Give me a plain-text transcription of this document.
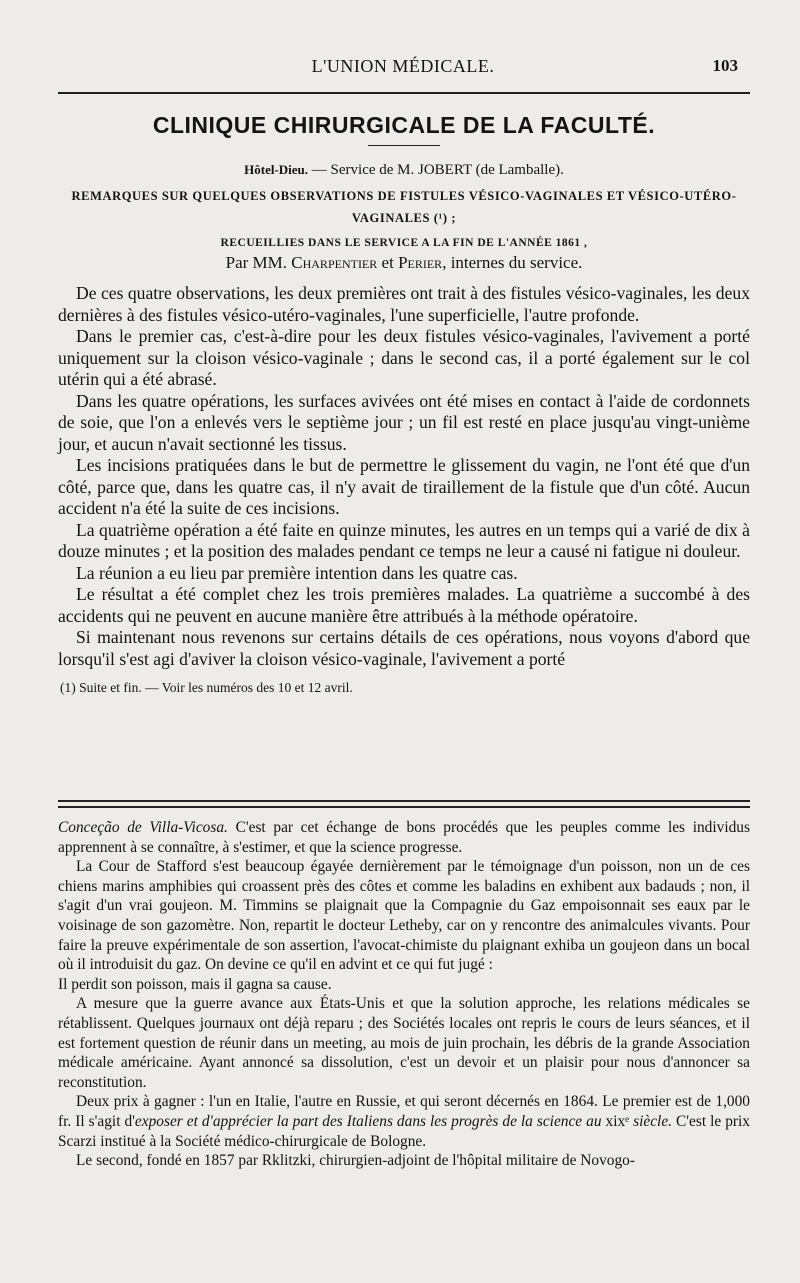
L'UNION MÉDICALE.	103
CLINIQUE CHIRURGICALE DE LA FACULTÉ.
Hôtel-Dieu. — Service de M. JOBERT (de Lamballe).
REMARQUES SUR QUELQUES OBSERVATIONS DE FISTULES VÉSICO-VAGINALES ET VÉSICO-UTÉRO-VAGINALES (¹) ;
RECUEILLIES DANS LE SERVICE A LA FIN DE L'ANNÉE 1861 ,
Par MM. Charpentier et Perier, internes du service.

De ces quatre observations, les deux premières ont trait à des fistules vésico-vaginales, les deux dernières à des fistules vésico-utéro-vaginales, l'une superficielle, l'autre profonde.

Dans le premier cas, c'est-à-dire pour les deux fistules vésico-vaginales, l'avivement a porté uniquement sur la cloison vésico-vaginale ; dans le second cas, il a porté également sur le col utérin qui a été abrasé.

Dans les quatre opérations, les surfaces avivées ont été mises en contact à l'aide de cordonnets de soie, que l'on a enlevés vers le septième jour ; un fil est resté en place jusqu'au vingt-unième jour, et aucun n'avait sectionné les tissus.

Les incisions pratiquées dans le but de permettre le glissement du vagin, ne l'ont été que d'un côté, parce que, dans les quatre cas, il n'y avait de tiraillement de la fistule que d'un côté. Aucun accident n'a été la suite de ces incisions.

La quatrième opération a été faite en quinze minutes, les autres en un temps qui a varié de dix à douze minutes ; et la position des malades pendant ce temps ne leur a causé ni fatigue ni douleur.

La réunion a eu lieu par première intention dans les quatre cas.

Le résultat a été complet chez les trois premières malades. La quatrième a succombé à des accidents qui ne peuvent en aucune manière être attribués à la méthode opératoire.

Si maintenant nous revenons sur certains détails de ces opérations, nous voyons d'abord que lorsqu'il s'est agi d'aviver la cloison vésico-vaginale, l'avivement a porté

(1) Suite et fin. — Voir les numéros des 10 et 12 avril.

Conceção de Villa-Vicosa. C'est par cet échange de bons procédés que les peuples comme les individus apprennent à se connaître, à s'estimer, et que la science progresse.

La Cour de Stafford s'est beaucoup égayée dernièrement par le témoignage d'un poisson, non un de ces chiens marins amphibies qui croassent près des côtes et comme les baladins en exhibent aux badauds ; non, il s'agit d'un vrai goujeon. M. Timmins se plaignait que la Compagnie du Gaz empoisonnait ses eaux par le voisinage de son gazomètre. Non, repartit le docteur Letheby, car on y rencontre des animalcules vivants. Pour faire la preuve expérimentale de son assertion, l'avocat-chimiste du plaignant exhiba un goujeon dans un bocal où il introduisit du gaz. On devine ce qu'il en advint et ce qui fut jugé :

Il perdit son poisson, mais il gagna sa cause.

A mesure que la guerre avance aux États-Unis et que la solution approche, les relations médicales se rétablissent. Quelques journaux ont déjà reparu ; des Sociétés locales ont repris le cours de leurs séances, et il est fortement question de réunir dans un meeting, au mois de juin prochain, les débris de la grande Association médicale américaine. Ayant annoncé sa dissolution, c'est un devoir et un plaisir pour nous d'annoncer sa reconstitution.

Deux prix à gagner : l'un en Italie, l'autre en Russie, et qui seront décernés en 1864. Le premier est de 1,000 fr. Il s'agit d'exposer et d'apprécier la part des Italiens dans les progrès de la science au xixᵉ siècle. C'est le prix Scarzi institué à la Société médico-chirurgicale de Bologne.

Le second, fondé en 1857 par Rklitzki, chirurgien-adjoint de l'hôpital militaire de Novogo-
